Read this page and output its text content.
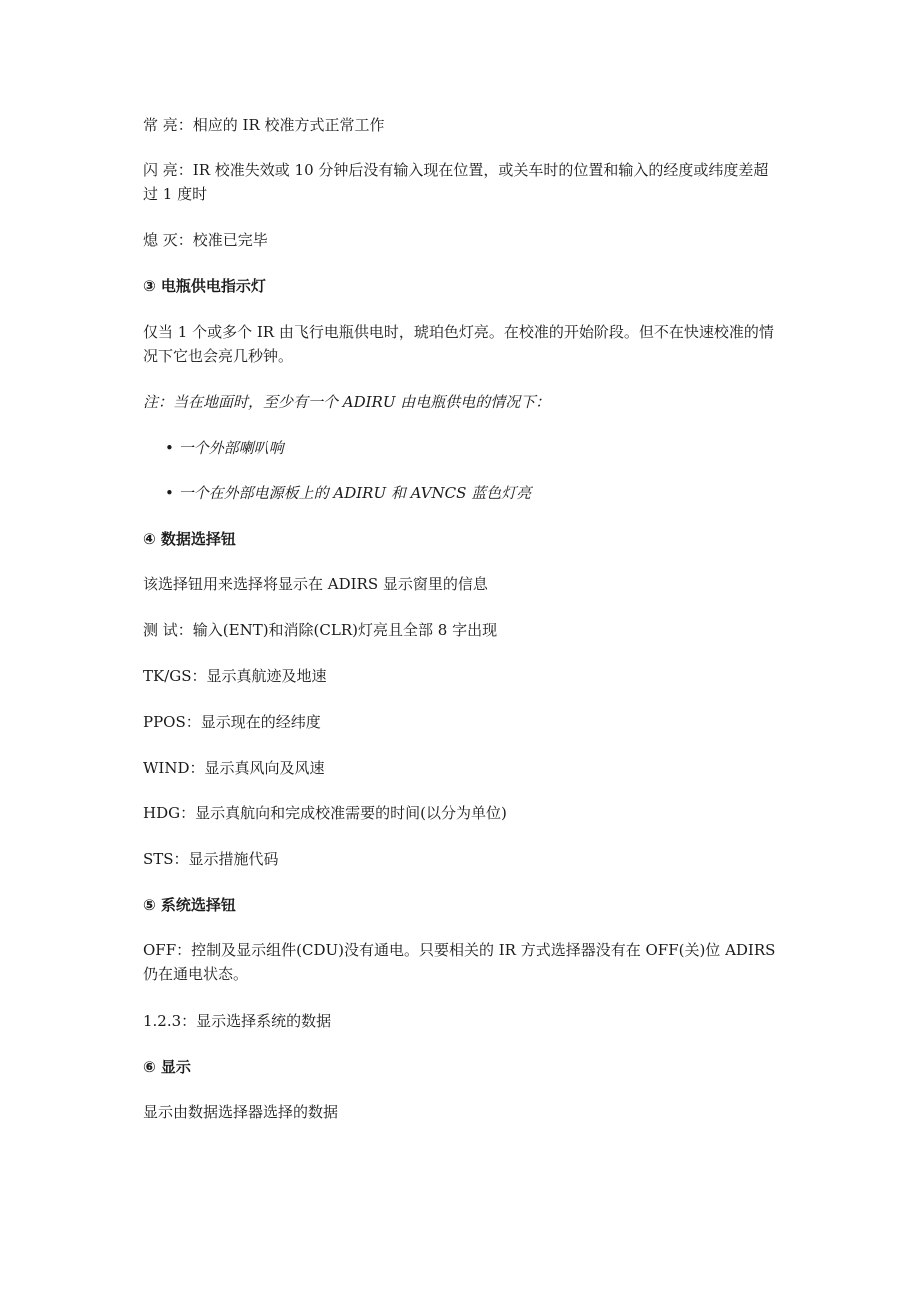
常 亮：相应的 IR 校准方式正常工作

闪 亮：IR 校准失效或 10 分钟后没有输入现在位置，或关车时的位置和输入的经度或纬度差超过 1 度时

熄 灭：校准已完毕

③ 电瓶供电指示灯

仅当 1 个或多个 IR 由飞行电瓶供电时，琥珀色灯亮。在校准的开始阶段。但不在快速校准的情况下它也会亮几秒钟。

注：当在地面时，至少有一个 ADIRU 由电瓶供电的情况下：

• 一个外部喇叭响

• 一个在外部电源板上的 ADIRU 和 AVNCS 蓝色灯亮

④ 数据选择钮

该选择钮用来选择将显示在 ADIRS 显示窗里的信息

测 试：输入(ENT)和消除(CLR)灯亮且全部 8 字出现

TK/GS：显示真航迹及地速

PPOS：显示现在的经纬度

WIND：显示真风向及风速

HDG：显示真航向和完成校准需要的时间(以分为单位)

STS：显示措施代码

⑤ 系统选择钮

OFF：控制及显示组件(CDU)没有通电。只要相关的 IR 方式选择器没有在 OFF(关)位 ADIRS 仍在通电状态。

1.2.3：显示选择系统的数据

⑥ 显示

显示由数据选择器选择的数据
